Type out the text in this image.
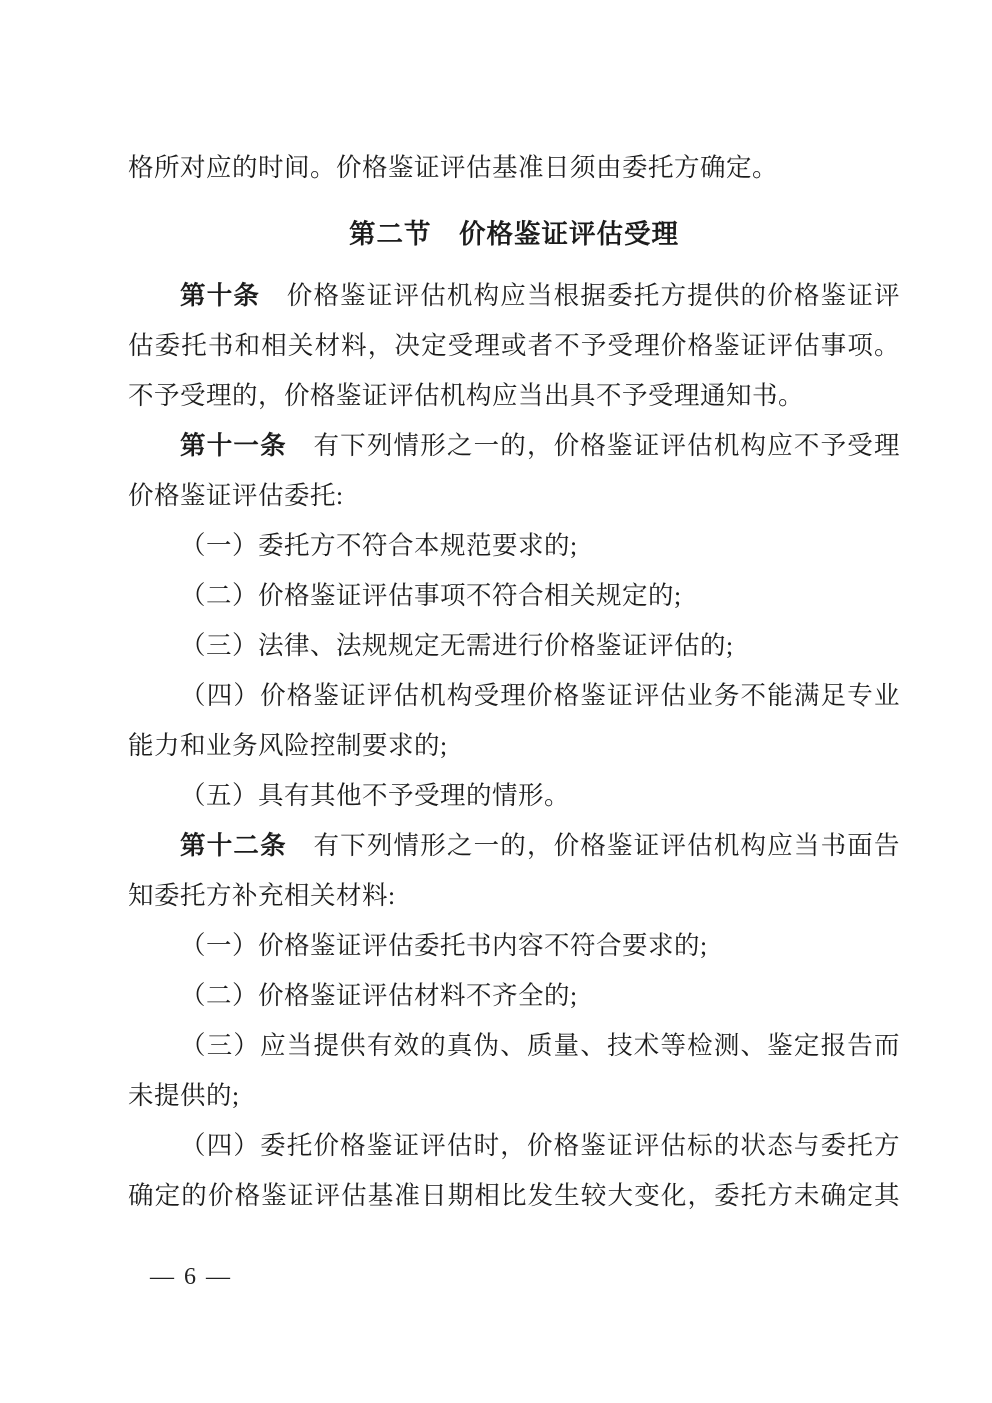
格所对应的时间。价格鉴证评估基准日须由委托方确定。
第二节　价格鉴证评估受理
第十条　价格鉴证评估机构应当根据委托方提供的价格鉴证评
估委托书和相关材料，决定受理或者不予受理价格鉴证评估事项。
不予受理的，价格鉴证评估机构应当出具不予受理通知书。
第十一条　有下列情形之一的，价格鉴证评估机构应不予受理
价格鉴证评估委托:
（一）委托方不符合本规范要求的;
（二）价格鉴证评估事项不符合相关规定的;
（三）法律、法规规定无需进行价格鉴证评估的;
（四）价格鉴证评估机构受理价格鉴证评估业务不能满足专业
能力和业务风险控制要求的;
（五）具有其他不予受理的情形。
第十二条　有下列情形之一的，价格鉴证评估机构应当书面告
知委托方补充相关材料:
（一）价格鉴证评估委托书内容不符合要求的;
（二）价格鉴证评估材料不齐全的;
（三）应当提供有效的真伪、质量、技术等检测、鉴定报告而
未提供的;
（四）委托价格鉴证评估时，价格鉴证评估标的状态与委托方
确定的价格鉴证评估基准日期相比发生较大变化，委托方未确定其
— 6 —
